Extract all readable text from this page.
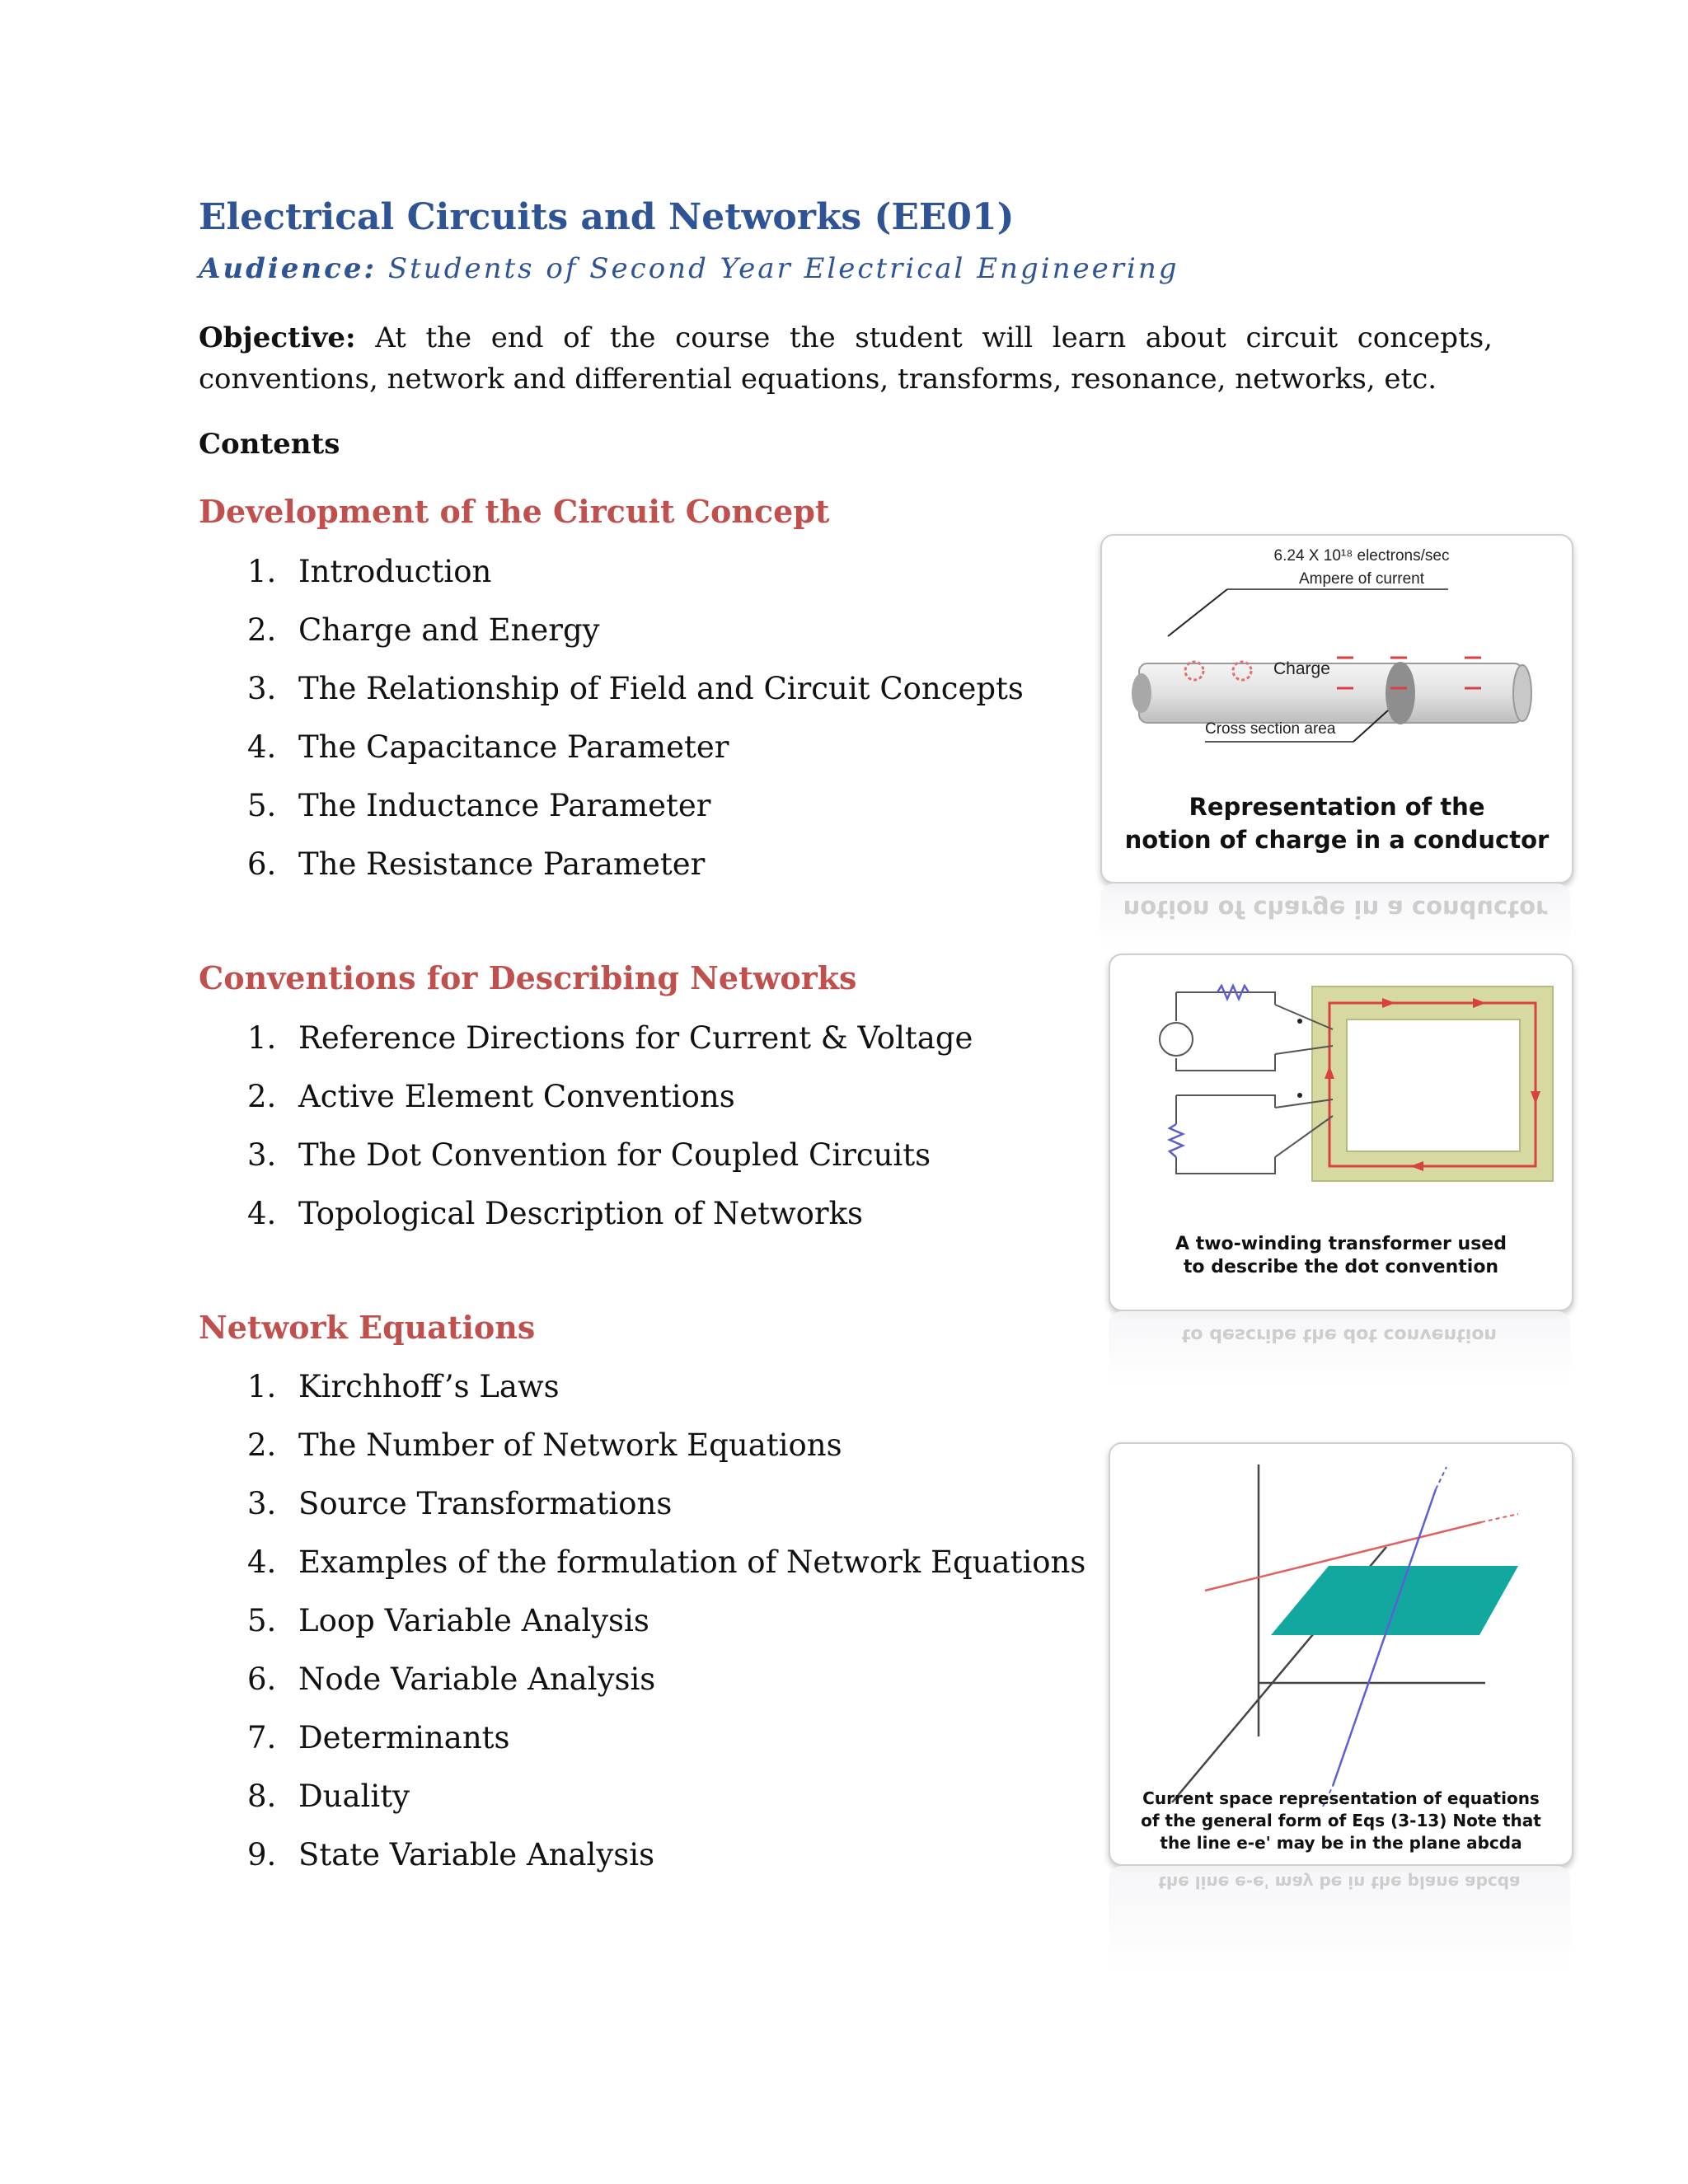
Electrical Circuits and Networks (EE01)
Audience: Students of Second Year Electrical Engineering
Objective: At the end of the course the student will learn about circuit concepts, conventions, network and differential equations, transforms, resonance, networks, etc.
Contents
Development of the Circuit Concept
1. Introduction
2. Charge and Energy
3. The Relationship of Field and Circuit Concepts
4. The Capacitance Parameter
5. The Inductance Parameter
6. The Resistance Parameter
Conventions for Describing Networks
1. Reference Directions for Current & Voltage
2. Active Element Conventions
3. The Dot Convention for Coupled Circuits
4. Topological Description of Networks
Network Equations
1. Kirchhoff’s Laws
2. The Number of Network Equations
3. Source Transformations
4. Examples of the formulation of Network Equations
5. Loop Variable Analysis
6. Node Variable Analysis
7. Determinants
8. Duality
9. State Variable Analysis
6.24 X 10¹⁸ electrons/sec
Ampere of current
Charge
Cross section area
Representation of the
notion of charge in a conductor
notion of charge in a conductor
A two-winding transformer used
to describe the dot convention
to describe the dot convention
Current space representation of equations
of the general form of Eqs (3-13) Note that
the line e-e' may be in the plane abcda
the line e-e' may be in the plane abcda
